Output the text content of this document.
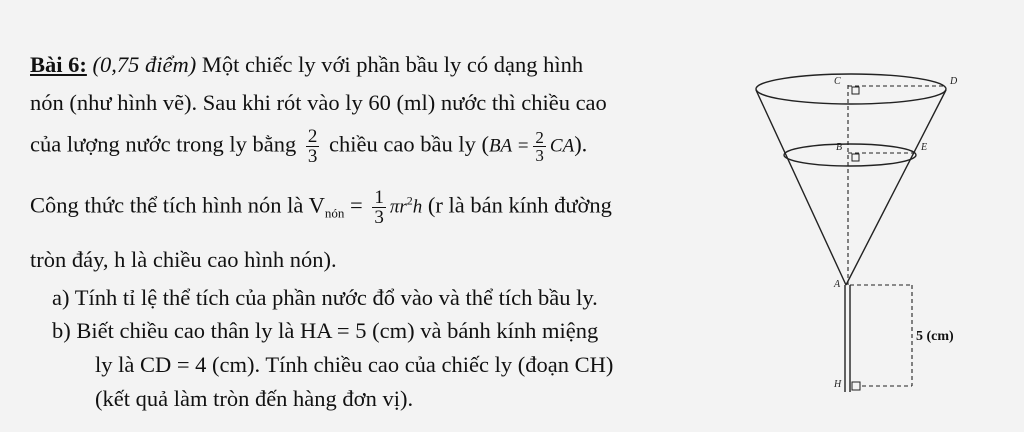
Bài 6: (0,75 điểm) Một chiếc ly với phần bầu ly có dạng hình
nón (như hình vẽ). Sau khi rót vào ly 60 (ml) nước thì chiều cao
của lượng nước trong ly bằng $\frac{2}{3}$ chiều cao bầu ly $(BA = \frac{2}{3} CA)$.
Công thức thể tích hình nón là $V_{nón} = \frac{1}{3} \pi r^2h$ (r là bán kính đường
tròn đáy, h là chiều cao hình nón).
a) Tính tỉ lệ thể tích của phần nước đổ vào và thể tích bầu ly.
b) Biết chiều cao thân ly là HA = 5 (cm) và bánh kính miệng
ly là CD = 4 (cm). Tính chiều cao của chiếc ly (đoạn CH)
(kết quả làm tròn đến hàng đơn vị).
C	D
B	E
A
H
5 (cm)
